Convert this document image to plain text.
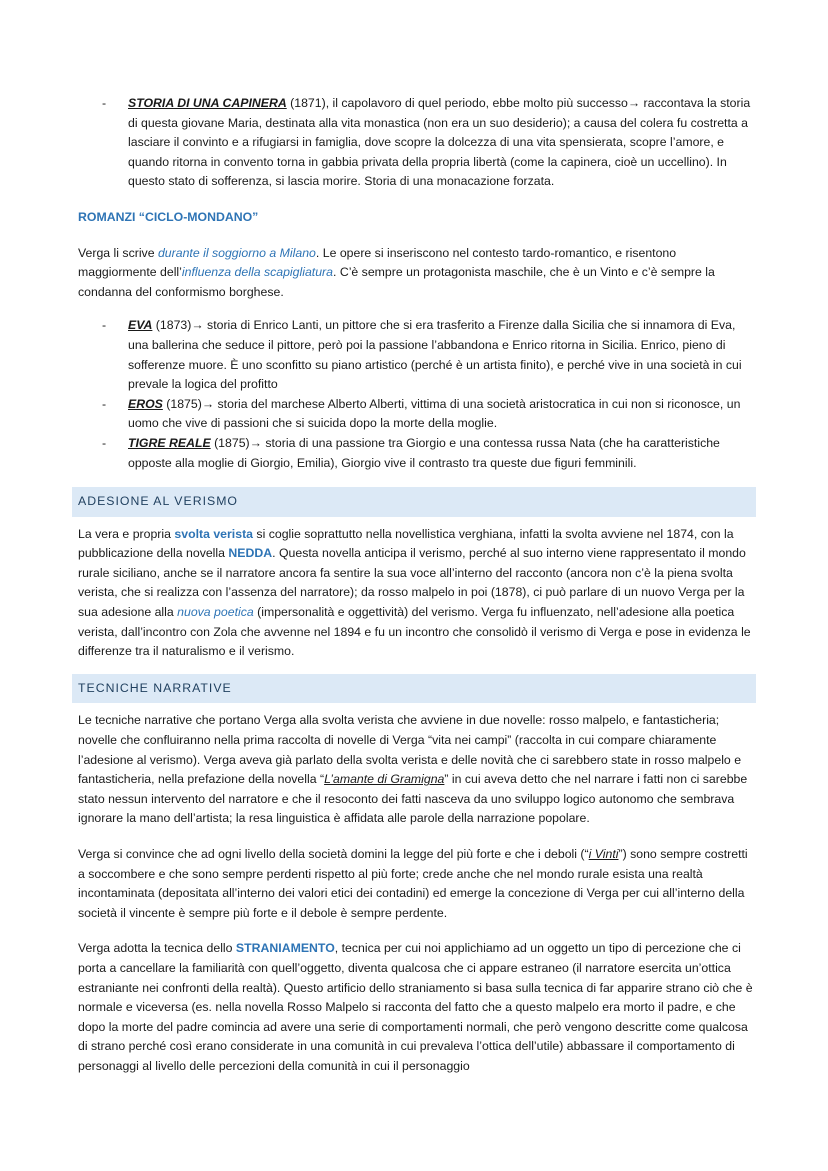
- STORIA DI UNA CAPINERA (1871), il capolavoro di quel periodo, ebbe molto più successo→ raccontava la storia di questa giovane Maria, destinata alla vita monastica (non era un suo desiderio); a causa del colera fu costretta a lasciare il convinto e a rifugiarsi in famiglia, dove scopre la dolcezza di una vita spensierata, scopre l’amore, e quando ritorna in convento torna in gabbia privata della propria libertà (come la capinera, cioè un uccellino). In questo stato di sofferenza, si lascia morire. Storia di una monacazione forzata.

ROMANZI “CICLO-MONDANO”

Verga li scrive durante il soggiorno a Milano. Le opere si inseriscono nel contesto tardo-romantico, e risentono maggiormente dell’influenza della scapigliatura. C’è sempre un protagonista maschile, che è un Vinto e c’è sempre la condanna del conformismo borghese.

- EVA (1873)→ storia di Enrico Lanti, un pittore che si era trasferito a Firenze dalla Sicilia che si innamora di Eva, una ballerina che seduce il pittore, però poi la passione l’abbandona e Enrico ritorna in Sicilia. Enrico, pieno di sofferenze muore. È uno sconfitto su piano artistico (perché è un artista finito), e perché vive in una società in cui prevale la logica del profitto
- EROS (1875)→ storia del marchese Alberto Alberti, vittima di una società aristocratica in cui non si riconosce, un uomo che vive di passioni che si suicida dopo la morte della moglie.
- TIGRE REALE (1875)→ storia di una passione tra Giorgio e una contessa russa Nata (che ha caratteristiche opposte alla moglie di Giorgio, Emilia), Giorgio vive il contrasto tra queste due figuri femminili.
ADESIONE AL VERISMO

La vera e propria svolta verista si coglie soprattutto nella novellistica verghiana, infatti la svolta avviene nel 1874, con la pubblicazione della novella NEDDA. Questa novella anticipa il verismo, perché al suo interno viene rappresentato il mondo rurale siciliano, anche se il narratore ancora fa sentire la sua voce all’interno del racconto (ancora non c’è la piena svolta verista, che si realizza con l’assenza del narratore); da rosso malpelo in poi (1878), ci può parlare di un nuovo Verga per la sua adesione alla nuova poetica (impersonalità e oggettività) del verismo. Verga fu influenzato, nell’adesione alla poetica verista, dall’incontro con Zola che avvenne nel 1894 e fu un incontro che consolidò il verismo di Verga e pose in evidenza le differenze tra il naturalismo e il verismo.

TECNICHE NARRATIVE

Le tecniche narrative che portano Verga alla svolta verista che avviene in due novelle: rosso malpelo, e fantasticheria; novelle che confluiranno nella prima raccolta di novelle di Verga “vita nei campi” (raccolta in cui compare chiaramente l’adesione al verismo). Verga aveva già parlato della svolta verista e delle novità che ci sarebbero state in rosso malpelo e fantasticheria, nella prefazione della novella “L’amante di Gramigna” in cui aveva detto che nel narrare i fatti non ci sarebbe stato nessun intervento del narratore e che il resoconto dei fatti nasceva da uno sviluppo logico autonomo che sembrava ignorare la mano dell’artista; la resa linguistica è affidata alle parole della narrazione popolare.

Verga si convince che ad ogni livello della società domini la legge del più forte e che i deboli (“i Vinti”) sono sempre costretti a soccombere e che sono sempre perdenti rispetto al più forte; crede anche che nel mondo rurale esista una realtà incontaminata (depositata all’interno dei valori etici dei contadini) ed emerge la concezione di Verga per cui all’interno della società il vincente è sempre più forte e il debole è sempre perdente.

Verga adotta la tecnica dello STRANIAMENTO, tecnica per cui noi applichiamo ad un oggetto un tipo di percezione che ci porta a cancellare la familiarità con quell’oggetto, diventa qualcosa che ci appare estraneo (il narratore esercita un’ottica estraniante nei confronti della realtà). Questo artificio dello straniamento si basa sulla tecnica di far apparire strano ciò che è normale e viceversa (es. nella novella Rosso Malpelo si racconta del fatto che a questo malpelo era morto il padre, e che dopo la morte del padre comincia ad avere una serie di comportamenti normali, che però vengono descritte come qualcosa di strano perché così erano considerate in una comunità in cui prevaleva l’ottica dell’utile) abbassare il comportamento di personaggi al livello delle percezioni della comunità in cui il personaggio
